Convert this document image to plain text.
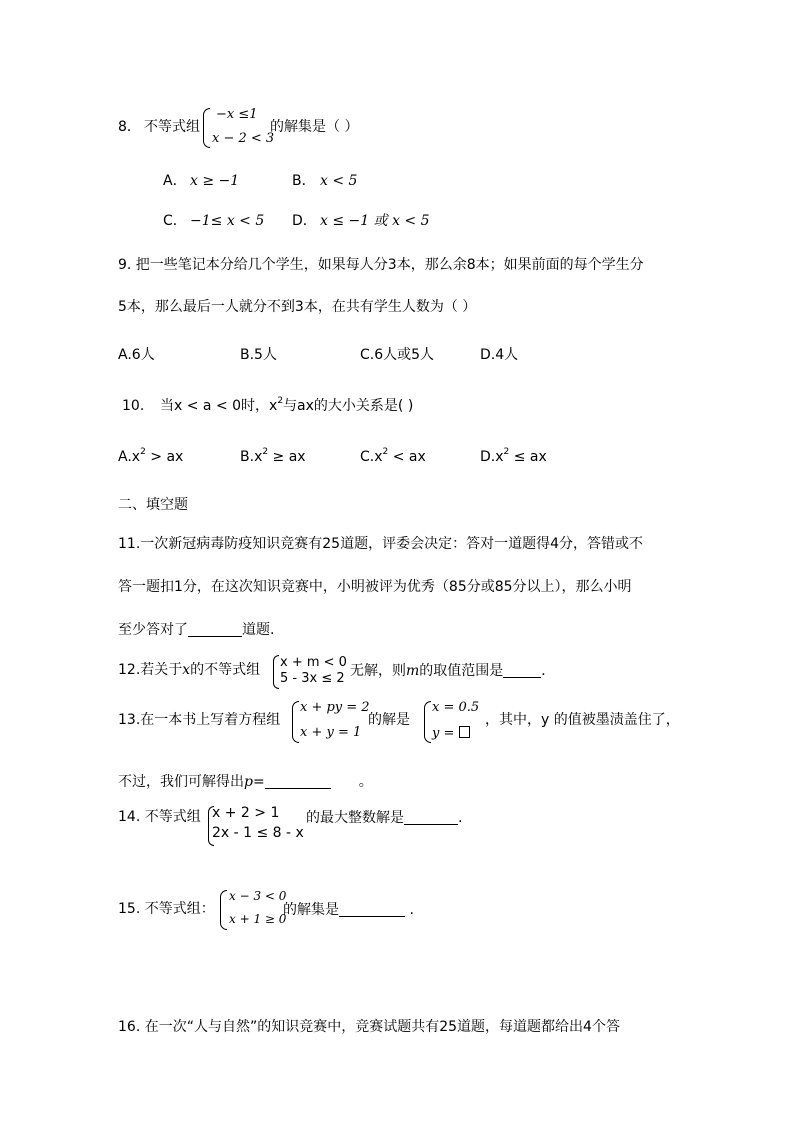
8． 不等式组
−x ≤1
x − 2 < 3
的解集是（ ）
A． x ≥ −1	B． x < 5
C． −1≤ x < 5 D． x ≤ −1 或 x < 5
9. 把一些笔记本分给几个学生，如果每人分3本，那么余8本；如果前面的每个学生分
5本，那么最后一人就分不到3本，在共有学生人数为（ ）
A.6人	B.5人	C.6人或5人	D.4人
10. 当x < a < 0时，$x^2$与ax的大小关系是( )
$A.x^2$ > ax	$B.x^2$ ≥ ax	$C.x^2$ < ax	$D.x^2$ ≤ ax
二、填空题
11.一次新冠病毒防疫知识竞赛有25道题，评委会决定：答对一道题得4分，答错或不
答一题扣1分，在这次知识竞赛中，小明被评为优秀（85分或85分以上），那么小明
至少答对了	道题.
12.若关于x的不等式组 x + m < 0
5 - 3x ≤ 2 无解，则m的取值范围是	．
13.在一本书上写着方程组
x + py = 2
x + y = 1
的解是
x = 0.5
y =
，其中，y 的值被墨渍盖住了，
不过，我们可解得出p=	。
14. 不等式组 x + 2 > 1
2x - 1 ≤ 8 - x
的最大整数解是	.
15. 不等式组：
x − 3 < 0
x + 1 ≥ 0
的解集是	.
16. 在一次“人与自然”的知识竞赛中，竞赛试题共有25道题，每道题都给出4个答
